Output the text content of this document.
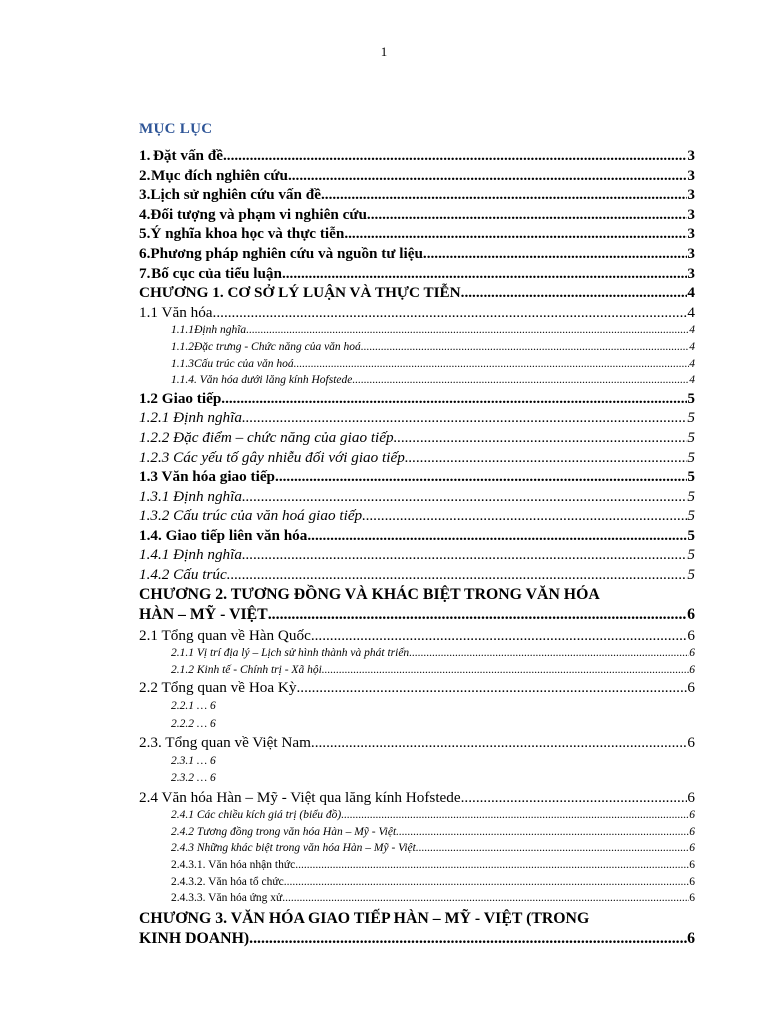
1
MỤC LỤC
1. Đặt vấn đề .....	3
2. Mục đích nghiên cứu .....	3
3. Lịch sử nghiên cứu vấn đề .....	3
4. Đối tượng và phạm vi nghiên cứu .....	3
5. Ý nghĩa khoa học và thực tiễn .....	3
6. Phương pháp nghiên cứu và nguồn tư liệu .....	3
7. Bố cục của tiểu luận .....	3
CHƯƠNG 1. CƠ SỞ LÝ LUẬN VÀ THỰC TIỄN .....	4
1.1 Văn hóa .....	4
1.1.1 Định nghĩa .....	4
1.1.2 Đặc trưng - Chức năng của văn hoá .....	4
1.1.3 Cấu trúc của văn hoá .....	4
1.1.4. Văn hóa dưới lăng kính Hofstede .....	4
1.2 Giao tiếp .....	5
1.2.1 Định nghĩa .....	5
1.2.2 Đặc điểm – chức năng của giao tiếp .....	5
1.2.3 Các yếu tố gây nhiễu đối với giao tiếp .....	5
1.3 Văn hóa giao tiếp .....	5
1.3.1 Định nghĩa .....	5
1.3.2 Cấu trúc của văn hoá giao tiếp .....	5
1.4. Giao tiếp liên văn hóa .....	5
1.4.1 Định nghĩa .....	5
1.4.2 Cấu trúc .....	5
CHƯƠNG 2. TƯƠNG ĐỒNG VÀ KHÁC BIỆT TRONG VĂN HÓA
HÀN – MỸ - VIỆT .....	6
2.1 Tổng quan về Hàn Quốc .....	6
2.1.1 Vị trí địa lý – Lịch sử hình thành và phát triển .....	6
2.1.2 Kinh tế - Chính trị - Xã hội .....	6
2.2 Tổng quan về Hoa Kỳ .....	6
2.2.1 … 6
2.2.2 … 6
2.3. Tổng quan về Việt Nam .....	6
2.3.1 … 6
2.3.2 … 6
2.4 Văn hóa Hàn – Mỹ - Việt qua lăng kính Hofstede .....	6
2.4.1 Các chiều kích giá trị (biểu đồ) .....	6
2.4.2 Tương đồng trong văn hóa Hàn – Mỹ - Việt .....	6
2.4.3 Những khác biệt trong văn hóa Hàn – Mỹ - Việt .....	6
2.4.3.1. Văn hóa nhận thức .....	6
2.4.3.2. Văn hóa tổ chức .....	6
2.4.3.3. Văn hóa ứng xử .....	6
CHƯƠNG 3. VĂN HÓA GIAO TIẾP HÀN – MỸ - VIỆT (TRONG
KINH DOANH) .....	6
